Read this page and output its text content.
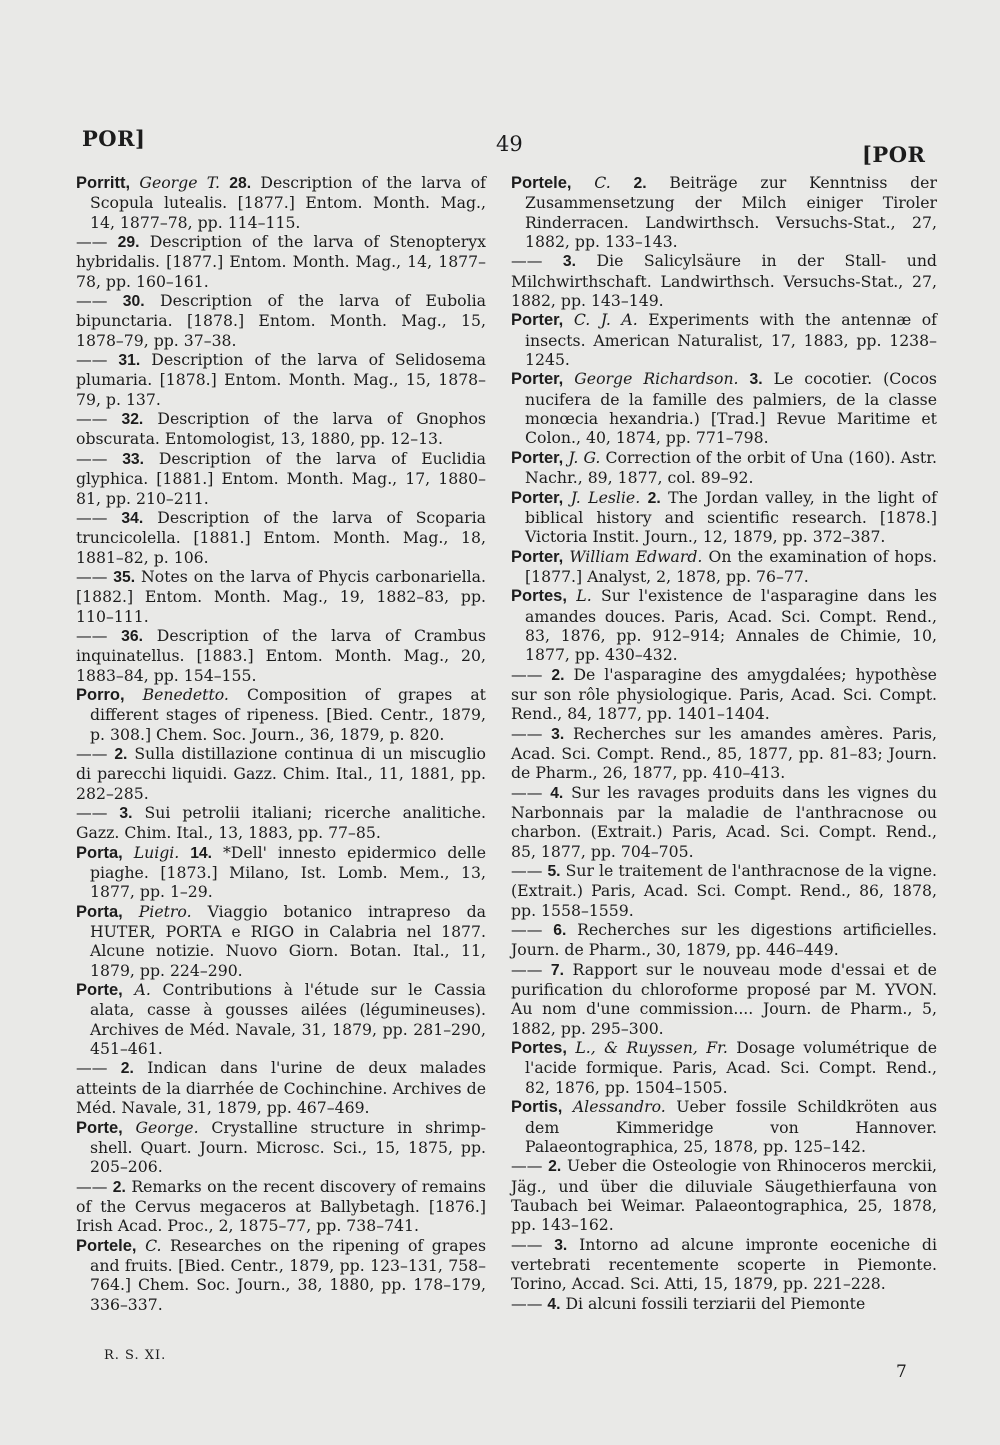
POR]	49	[POR

Porritt, George T. 28. Description of the larva of Scopula lutealis. [1877.] Entom. Month. Mag., 14, 1877–78, pp. 114–115.

—— 29. Description of the larva of Stenopteryx hybridalis. [1877.] Entom. Month. Mag., 14, 1877–78, pp. 160–161.

—— 30. Description of the larva of Eubolia bipunctaria. [1878.] Entom. Month. Mag., 15, 1878–79, pp. 37–38.

—— 31. Description of the larva of Selidosema plumaria. [1878.] Entom. Month. Mag., 15, 1878–79, p. 137.

—— 32. Description of the larva of Gnophos obscurata. Entomologist, 13, 1880, pp. 12–13.

—— 33. Description of the larva of Euclidia glyphica. [1881.] Entom. Month. Mag., 17, 1880–81, pp. 210–211.

—— 34. Description of the larva of Scoparia truncicolella. [1881.] Entom. Month. Mag., 18, 1881–82, p. 106.

—— 35. Notes on the larva of Phycis carbonariella. [1882.] Entom. Month. Mag., 19, 1882–83, pp. 110–111.

—— 36. Description of the larva of Crambus inquinatellus. [1883.] Entom. Month. Mag., 20, 1883–84, pp. 154–155.

Porro, Benedetto. Composition of grapes at different stages of ripeness. [Bied. Centr., 1879, p. 308.] Chem. Soc. Journ., 36, 1879, p. 820.

—— 2. Sulla distillazione continua di un miscuglio di parecchi liquidi. Gazz. Chim. Ital., 11, 1881, pp. 282–285.

—— 3. Sui petrolii italiani; ricerche analitiche. Gazz. Chim. Ital., 13, 1883, pp. 77–85.

Porta, Luigi. 14. *Dell' innesto epidermico delle piaghe. [1873.] Milano, Ist. Lomb. Mem., 13, 1877, pp. 1–29.

Porta, Pietro. Viaggio botanico intrapreso da HUTER, PORTA e RIGO in Calabria nel 1877. Alcune notizie. Nuovo Giorn. Botan. Ital., 11, 1879, pp. 224–290.

Porte, A. Contributions à l'étude sur le Cassia alata, casse à gousses ailées (légumineuses). Archives de Méd. Navale, 31, 1879, pp. 281–290, 451–461.

—— 2. Indican dans l'urine de deux malades atteints de la diarrhée de Cochinchine. Archives de Méd. Navale, 31, 1879, pp. 467–469.

Porte, George. Crystalline structure in shrimp-shell. Quart. Journ. Microsc. Sci., 15, 1875, pp. 205–206.

—— 2. Remarks on the recent discovery of remains of the Cervus megaceros at Ballybetagh. [1876.] Irish Acad. Proc., 2, 1875–77, pp. 738–741.

Portele, C. Researches on the ripening of grapes and fruits. [Bied. Centr., 1879, pp. 123–131, 758–764.] Chem. Soc. Journ., 38, 1880, pp. 178–179, 336–337.

Portele, C. 2. Beiträge zur Kenntniss der Zusammensetzung der Milch einiger Tiroler Rinderracen. Landwirthsch. Versuchs-Stat., 27, 1882, pp. 133–143.

—— 3. Die Salicylsäure in der Stall- und Milchwirthschaft. Landwirthsch. Versuchs-Stat., 27, 1882, pp. 143–149.

Porter, C. J. A. Experiments with the antennæ of insects. American Naturalist, 17, 1883, pp. 1238–1245.

Porter, George Richardson. 3. Le cocotier. (Cocos nucifera de la famille des palmiers, de la classe monœcia hexandria.) [Trad.] Revue Maritime et Colon., 40, 1874, pp. 771–798.

Porter, J. G. Correction of the orbit of Una (160). Astr. Nachr., 89, 1877, col. 89–92.

Porter, J. Leslie. 2. The Jordan valley, in the light of biblical history and scientific research. [1878.] Victoria Instit. Journ., 12, 1879, pp. 372–387.

Porter, William Edward. On the examination of hops. [1877.] Analyst, 2, 1878, pp. 76–77.

Portes, L. Sur l'existence de l'asparagine dans les amandes douces. Paris, Acad. Sci. Compt. Rend., 83, 1876, pp. 912–914; Annales de Chimie, 10, 1877, pp. 430–432.

—— 2. De l'asparagine des amygdalées; hypothèse sur son rôle physiologique. Paris, Acad. Sci. Compt. Rend., 84, 1877, pp. 1401–1404.

—— 3. Recherches sur les amandes amères. Paris, Acad. Sci. Compt. Rend., 85, 1877, pp. 81–83; Journ. de Pharm., 26, 1877, pp. 410–413.

—— 4. Sur les ravages produits dans les vignes du Narbonnais par la maladie de l'anthracnose ou charbon. (Extrait.) Paris, Acad. Sci. Compt. Rend., 85, 1877, pp. 704–705.

—— 5. Sur le traitement de l'anthracnose de la vigne. (Extrait.) Paris, Acad. Sci. Compt. Rend., 86, 1878, pp. 1558–1559.

—— 6. Recherches sur les digestions artificielles. Journ. de Pharm., 30, 1879, pp. 446–449.

—— 7. Rapport sur le nouveau mode d'essai et de purification du chloroforme proposé par M. YVON. Au nom d'une commission.... Journ. de Pharm., 5, 1882, pp. 295–300.

Portes, L., & Ruyssen, Fr. Dosage volumétrique de l'acide formique. Paris, Acad. Sci. Compt. Rend., 82, 1876, pp. 1504–1505.

Portis, Alessandro. Ueber fossile Schildkröten aus dem Kimmeridge von Hannover. Palaeontographica, 25, 1878, pp. 125–142.

—— 2. Ueber die Osteologie von Rhinoceros merckii, Jäg., und über die diluviale Säugethierfauna von Taubach bei Weimar. Palaeontographica, 25, 1878, pp. 143–162.

—— 3. Intorno ad alcune impronte eoceniche di vertebrati recentemente scoperte in Piemonte. Torino, Accad. Sci. Atti, 15, 1879, pp. 221–228.

—— 4. Di alcuni fossili terziarii del Piemonte

R. S. XI.
7
